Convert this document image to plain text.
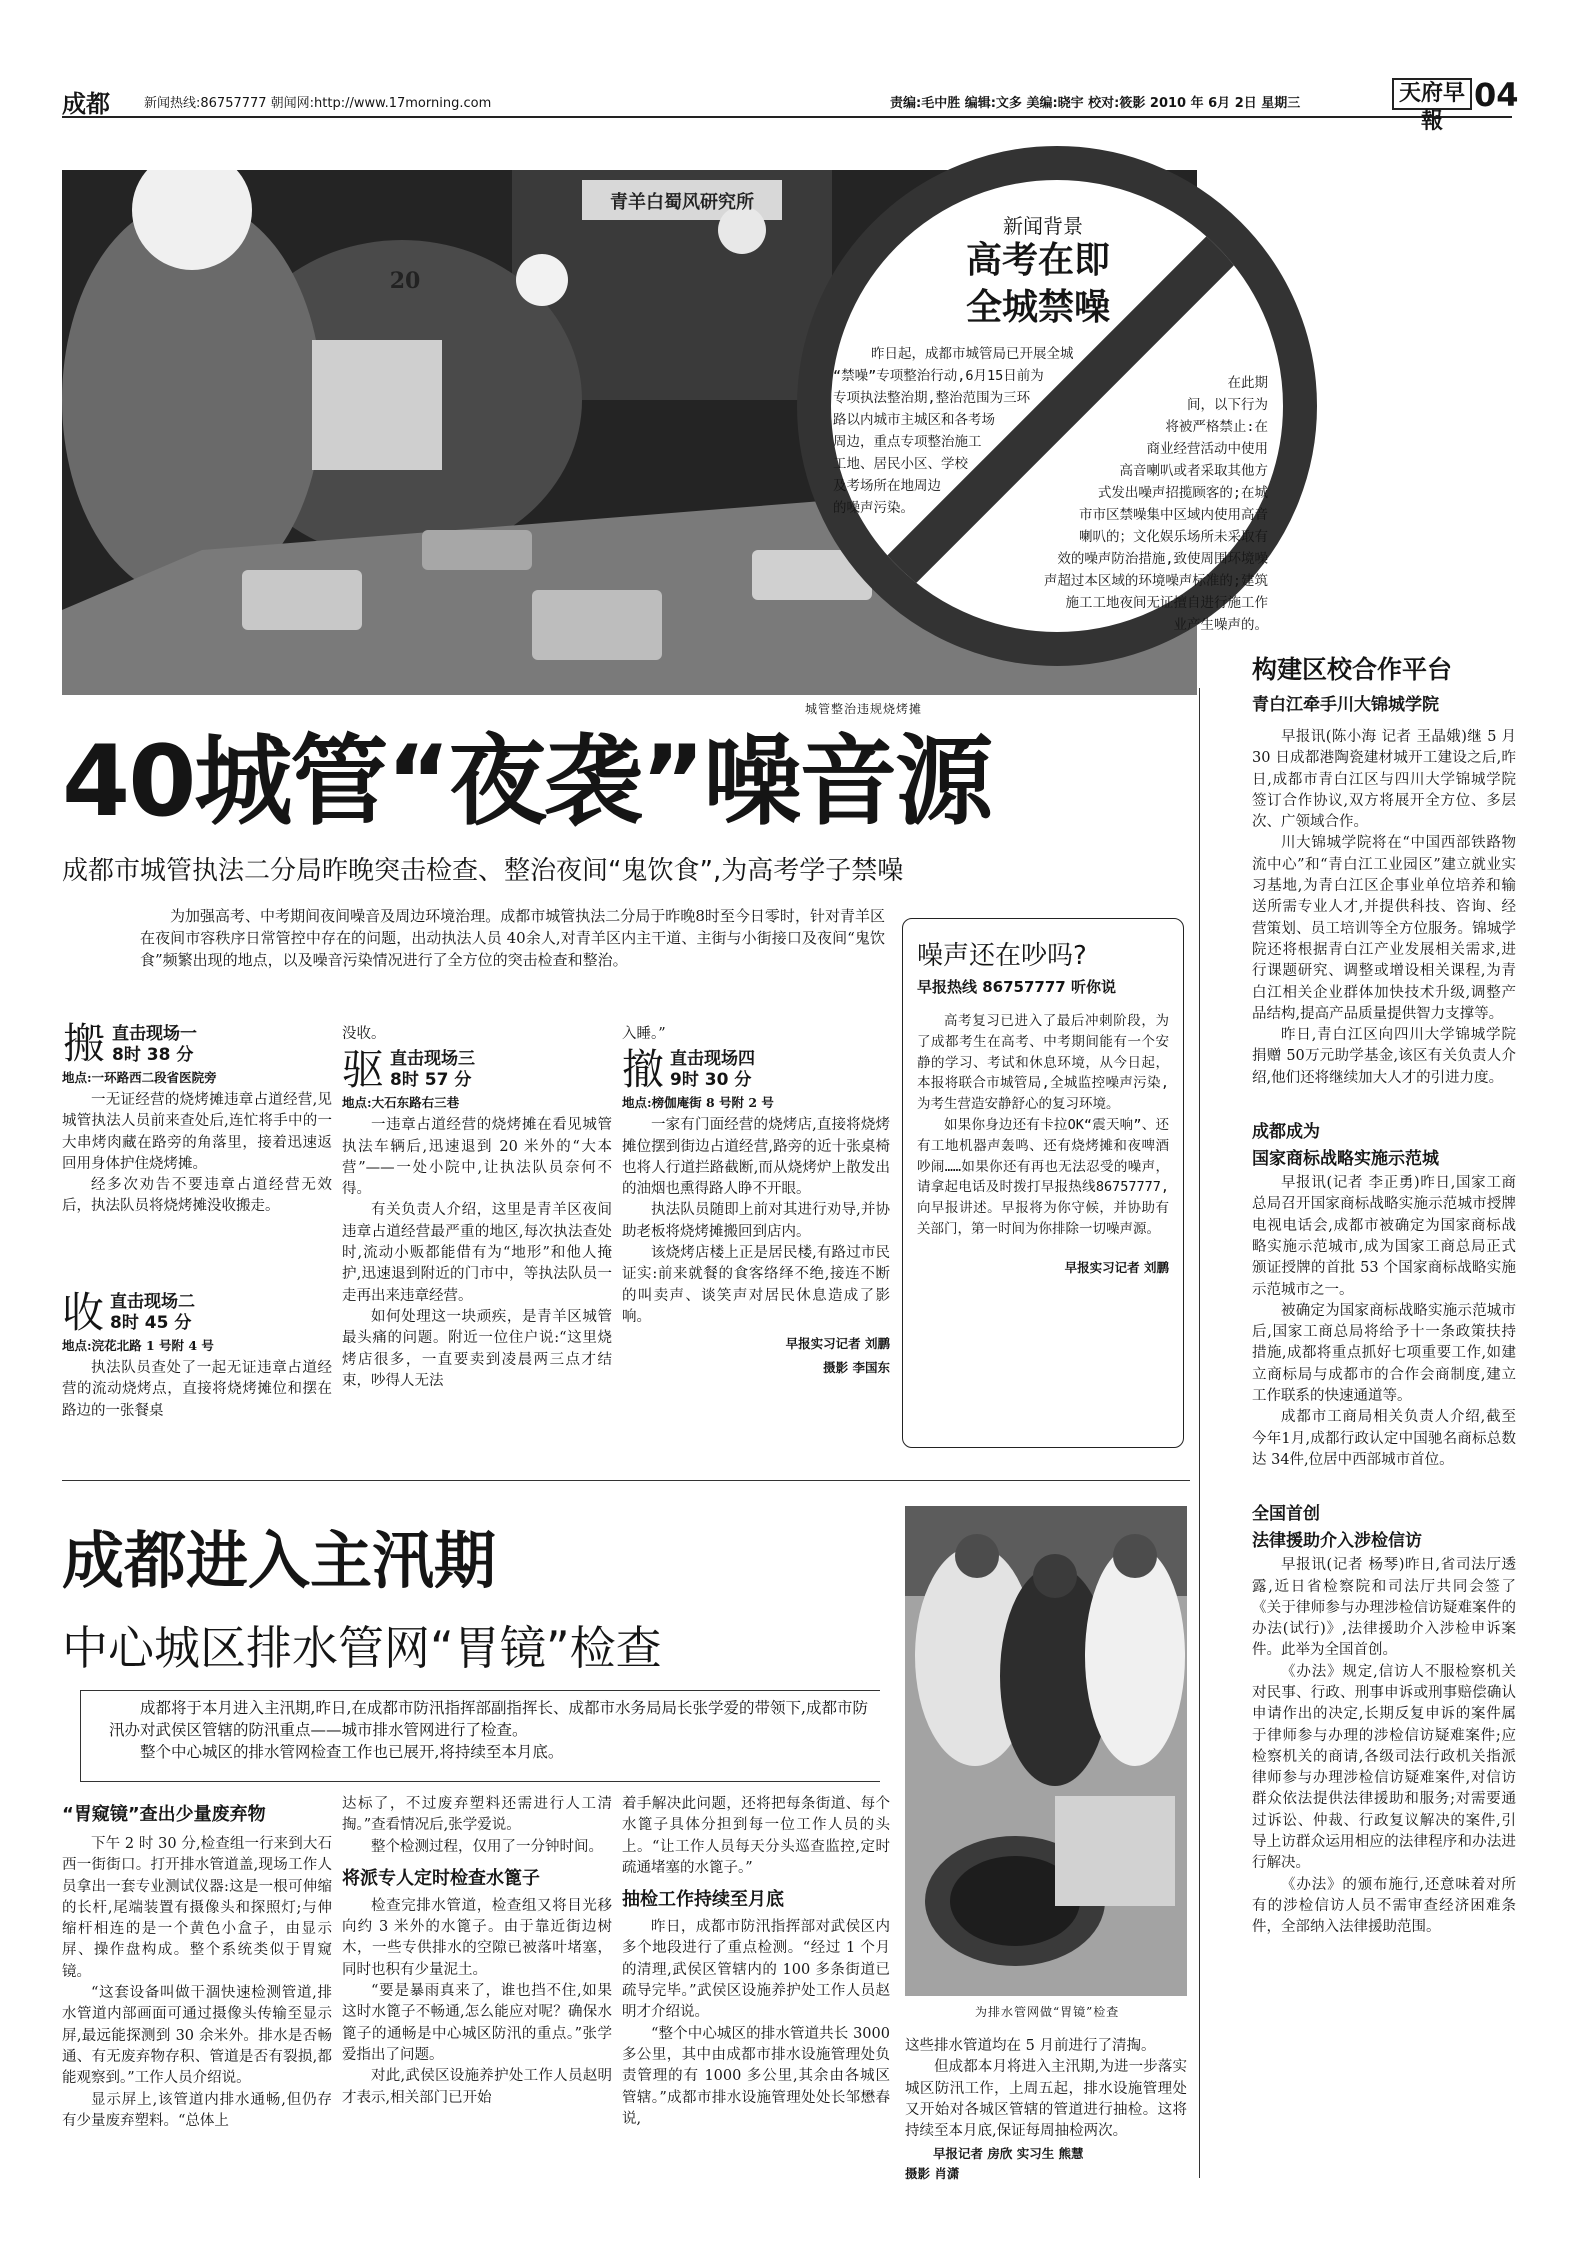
成都	新闻热线:86757777 朝闻网:http://www.17morning.com	责编:毛中胜 编辑:文多 美编:晓宇 校对:筱影 2010 年 6月 2日 星期三	天府早報
04
青羊白蜀风研究所
20
城管整治违规烧烤摊
新闻背景
高考在即
全城禁噪
昨日起，成都市城管局已开展全城
“禁噪”专项整治行动,6月15日前为
专项执法整治期,整治范围为三环
路以内城市主城区和各考场
周边，重点专项整治施工
工地、居民小区、学校
及考场所在地周边
的噪声污染。
在此期
间，以下行为
将被严格禁止:在
商业经营活动中使用
高音喇叭或者采取其他方
式发出噪声招揽顾客的;在城
市市区禁噪集中区域内使用高音
喇叭的；文化娱乐场所未采取有
效的噪声防治措施,致使周围环境噪
声超过本区域的环境噪声标准的;建筑
施工工地夜间无证擅自进行施工作
业产生噪声的。
40城管“夜袭”噪音源
成都市城管执法二分局昨晚突击检查、整治夜间“鬼饮食”,为高考学子禁噪
为加强高考、中考期间夜间噪音及周边环境治理。成都市城管执法二分局于昨晚8时至今日零时，针对青羊区在夜间市容秩序日常管控中存在的问题，出动执法人员 40余人,对青羊区内主干道、主街与小街接口及夜间“鬼饮食”频繁出现的地点，以及噪音污染情况进行了全方位的突击检查和整治。
搬 直击现场一
8时 38 分
地点:一环路西二段省医院旁
一无证经营的烧烤摊违章占道经营,见城管执法人员前来查处后,连忙将手中的一大串烤肉藏在路旁的角落里，接着迅速返回用身体护住烧烤摊。
经多次劝告不要违章占道经营无效后，执法队员将烧烤摊没收搬走。
收 直击现场二
8时 45 分
地点:浣花北路 1 号附 4 号
执法队员查处了一起无证违章占道经营的流动烧烤点，直接将烧烤摊位和摆在路边的一张餐桌
没收。
驱 直击现场三
8时 57 分
地点:大石东路右三巷
一违章占道经营的烧烤摊在看见城管执法车辆后,迅速退到 20 米外的“大本营”——一处小院中,让执法队员奈何不得。
有关负责人介绍，这里是青羊区夜间违章占道经营最严重的地区,每次执法查处时,流动小贩都能借有为“地形”和他人掩护,迅速退到附近的门市中，等执法队员一走再出来违章经营。
如何处理这一块顽疾，是青羊区城管最头痛的问题。附近一位住户说:“这里烧烤店很多，一直要卖到凌晨两三点才结束，吵得人无法
入睡。”
撤 直击现场四
9时 30 分
地点:榜伽庵街 8 号附 2 号
一家有门面经营的烧烤店,直接将烧烤摊位摆到街边占道经营,路旁的近十张桌椅也将人行道拦路截断,而从烧烤炉上散发出的油烟也熏得路人睁不开眼。
执法队员随即上前对其进行劝导,并协助老板将烧烤摊搬回到店内。
该烧烤店楼上正是居民楼,有路过市民证实:前来就餐的食客络绎不绝,接连不断的叫卖声、谈笑声对居民休息造成了影响。
早报实习记者 刘鹏
摄影 李国东
噪声还在吵吗?
早报热线 86757777 听你说
高考复习已进入了最后冲刺阶段，为了成都考生在高考、中考期间能有一个安静的学习、考试和休息环境，从今日起，本报将联合市城管局,全城监控噪声污染,为考生营造安静舒心的复习环境。
如果你身边还有卡拉OK“震天响”、还有工地机器声轰鸣、还有烧烤摊和夜啤酒吵闹……如果你还有再也无法忍受的噪声，请拿起电话及时拨打早报热线86757777,向早报讲述。早报将为你守候，并协助有关部门，第一时间为你排除一切噪声源。
早报实习记者 刘鹏
构建区校合作平台
青白江牵手川大锦城学院
早报讯(陈小海 记者 王晶娥)继 5 月 30 日成都港陶瓷建材城开工建设之后,昨日,成都市青白江区与四川大学锦城学院签订合作协议,双方将展开全方位、多层次、广领域合作。
川大锦城学院将在“中国西部铁路物流中心”和“青白江工业园区”建立就业实习基地,为青白江区企事业单位培养和输送所需专业人才,并提供科技、咨询、经营策划、员工培训等全方位服务。锦城学院还将根据青白江产业发展相关需求,进行课题研究、调整或增设相关课程,为青白江相关企业群体加快技术升级,调整产品结构,提高产品质量提供智力支撑等。
昨日,青白江区向四川大学锦城学院捐赠 50万元助学基金,该区有关负责人介绍,他们还将继续加大人才的引进力度。
成都成为
国家商标战略实施示范城
早报讯(记者 李正勇)昨日,国家工商总局召开国家商标战略实施示范城市授牌电视电话会,成都市被确定为国家商标战略实施示范城市,成为国家工商总局正式颁证授牌的首批 53 个国家商标战略实施示范城市之一。
被确定为国家商标战略实施示范城市后,国家工商总局将给予十一条政策扶持措施,成都将重点抓好七项重要工作,如建立商标局与成都市的合作会商制度,建立工作联系的快速通道等。
成都市工商局相关负责人介绍,截至今年1月,成都行政认定中国驰名商标总数达 34件,位居中西部城市首位。
全国首创
法律援助介入涉检信访
早报讯(记者 杨琴)昨日,省司法厅透露,近日省检察院和司法厅共同会签了《关于律师参与办理涉检信访疑难案件的办法(试行)》,法律援助介入涉检申诉案件。此举为全国首创。
《办法》规定,信访人不服检察机关对民事、行政、刑事申诉或刑事赔偿确认申请作出的决定,长期反复申诉的案件属于律师参与办理的涉检信访疑难案件;应检察机关的商请,各级司法行政机关指派律师参与办理涉检信访疑难案件,对信访群众依法提供法律援助和服务;对需要通过诉讼、仲裁、行政复议解决的案件,引导上访群众运用相应的法律程序和办法进行解决。
《办法》的颁布施行,还意味着对所有的涉检信访人员不需审查经济困难条件，全部纳入法律援助范围。
成都进入主汛期
中心城区排水管网“胃镜”检查
成都将于本月进入主汛期,昨日,在成都市防汛指挥部副指挥长、成都市水务局局长张学爱的带领下,成都市防汛办对武侯区管辖的防汛重点——城市排水管网进行了检查。
整个中心城区的排水管网检查工作也已展开,将持续至本月底。
“胃窥镜”查出少量废弃物
下午 2 时 30 分,检查组一行来到大石西一街街口。打开排水管道盖,现场工作人员拿出一套专业测试仪器:这是一根可伸缩的长杆,尾端装置有摄像头和探照灯;与伸缩杆相连的是一个黄色小盒子，由显示屏、操作盘构成。整个系统类似于胃窥镜。
“这套设备叫做干涸快速检测管道,排水管道内部画面可通过摄像头传输至显示屏,最远能探测到 30 余米外。排水是否畅通、有无废弃物存积、管道是否有裂损,都能观察到。”工作人员介绍说。
显示屏上,该管道内排水通畅,但仍存有少量废弃塑料。“总体上
达标了，不过废弃塑料还需进行人工清掏。”查看情况后,张学爱说。
整个检测过程，仅用了一分钟时间。
将派专人定时检查水篦子
检查完排水管道，检查组又将目光移向约 3 米外的水篦子。由于靠近街边树木，一些专供排水的空隙已被落叶堵塞，同时也积有少量泥土。
“要是暴雨真来了，谁也挡不住,如果这时水篦子不畅通,怎么能应对呢？确保水篦子的通畅是中心城区防汛的重点。”张学爱指出了问题。
对此,武侯区设施养护处工作人员赵明才表示,相关部门已开始
着手解决此问题，还将把每条街道、每个水篦子具体分担到每一位工作人员的头上。“让工作人员每天分头巡查监控,定时疏通堵塞的水篦子。”
抽检工作持续至月底
昨日，成都市防汛指挥部对武侯区内多个地段进行了重点检测。“经过 1 个月的清理,武侯区管辖内的 100 多条街道已疏导完毕。”武侯区设施养护处工作人员赵明才介绍说。
“整个中心城区的排水管道共长 3000 多公里，其中由成都市排水设施管理处负责管理的有 1000 多公里,其余由各城区管辖。”成都市排水设施管理处处长邹懋春说,
为排水管网做“胃镜”检查
这些排水管道均在 5 月前进行了清掏。
但成都本月将进入主汛期,为进一步落实城区防汛工作，上周五起，排水设施管理处又开始对各城区管辖的管道进行抽检。这将持续至本月底,保证每周抽检两次。
早报记者 房欣 实习生 熊慧
摄影 肖潇
